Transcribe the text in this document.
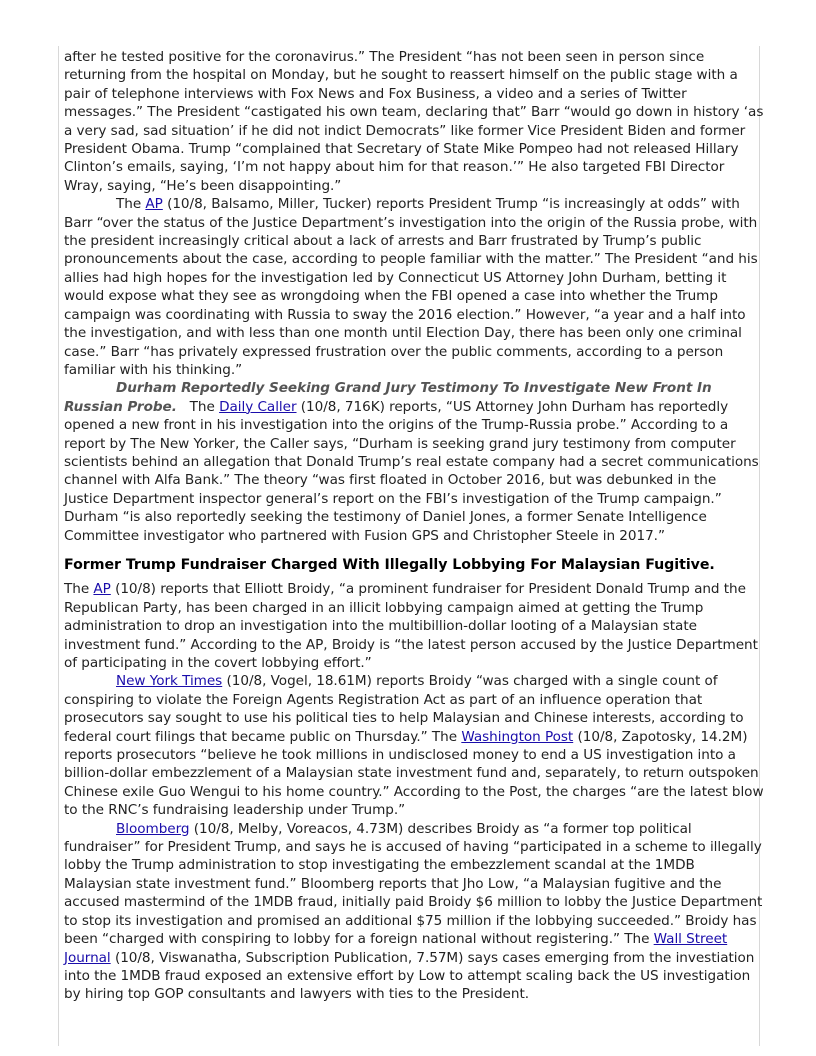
after he tested positive for the coronavirus.” The President “has not been seen in person since returning from the hospital on Monday, but he sought to reassert himself on the public stage with a pair of telephone interviews with Fox News and Fox Business, a video and a series of Twitter messages.” The President “castigated his own team, declaring that” Barr “would go down in history ‘as a very sad, sad situation’ if he did not indict Democrats” like former Vice President Biden and former President Obama. Trump “complained that Secretary of State Mike Pompeo had not released Hillary Clinton’s emails, saying, ‘I’m not happy about him for that reason.’” He also targeted FBI Director Wray, saying, “He’s been disappointing.”

The AP (10/8, Balsamo, Miller, Tucker) reports President Trump “is increasingly at odds” with Barr “over the status of the Justice Department’s investigation into the origin of the Russia probe, with the president increasingly critical about a lack of arrests and Barr frustrated by Trump’s public pronouncements about the case, according to people familiar with the matter.” The President “and his allies had high hopes for the investigation led by Connecticut US Attorney John Durham, betting it would expose what they see as wrongdoing when the FBI opened a case into whether the Trump campaign was coordinating with Russia to sway the 2016 election.” However, “a year and a half into the investigation, and with less than one month until Election Day, there has been only one criminal case.” Barr “has privately expressed frustration over the public comments, according to a person familiar with his thinking.”

Durham Reportedly Seeking Grand Jury Testimony To Investigate New Front In Russian Probe.   The Daily Caller (10/8, 716K) reports, “US Attorney John Durham has reportedly opened a new front in his investigation into the origins of the Trump-Russia probe.” According to a report by The New Yorker, the Caller says, “Durham is seeking grand jury testimony from computer scientists behind an allegation that Donald Trump’s real estate company had a secret communications channel with Alfa Bank.” The theory “was first floated in October 2016, but was debunked in the Justice Department inspector general’s report on the FBI’s investigation of the Trump campaign.” Durham “is also reportedly seeking the testimony of Daniel Jones, a former Senate Intelligence Committee investigator who partnered with Fusion GPS and Christopher Steele in 2017.”

Former Trump Fundraiser Charged With Illegally Lobbying For Malaysian Fugitive.

The AP (10/8) reports that Elliott Broidy, “a prominent fundraiser for President Donald Trump and the Republican Party, has been charged in an illicit lobbying campaign aimed at getting the Trump administration to drop an investigation into the multibillion-dollar looting of a Malaysian state investment fund.” According to the AP, Broidy is “the latest person accused by the Justice Department of participating in the covert lobbying effort.”

New York Times (10/8, Vogel, 18.61M) reports Broidy “was charged with a single count of conspiring to violate the Foreign Agents Registration Act as part of an influence operation that prosecutors say sought to use his political ties to help Malaysian and Chinese interests, according to federal court filings that became public on Thursday.” The Washington Post (10/8, Zapotosky, 14.2M) reports prosecutors “believe he took millions in undisclosed money to end a US investigation into a billion-dollar embezzlement of a Malaysian state investment fund and, separately, to return outspoken Chinese exile Guo Wengui to his home country.” According to the Post, the charges “are the latest blow to the RNC’s fundraising leadership under Trump.”

Bloomberg (10/8, Melby, Voreacos, 4.73M) describes Broidy as “a former top political fundraiser” for President Trump, and says he is accused of having “participated in a scheme to illegally lobby the Trump administration to stop investigating the embezzlement scandal at the 1MDB Malaysian state investment fund.” Bloomberg reports that Jho Low, “a Malaysian fugitive and the accused mastermind of the 1MDB fraud, initially paid Broidy $6 million to lobby the Justice Department to stop its investigation and promised an additional $75 million if the lobbying succeeded.” Broidy has been “charged with conspiring to lobby for a foreign national without registering.” The Wall Street Journal (10/8, Viswanatha, Subscription Publication, 7.57M) says cases emerging from the investiation into the 1MDB fraud exposed an extensive effort by Low to attempt scaling back the US investigation by hiring top GOP consultants and lawyers with ties to the President.
